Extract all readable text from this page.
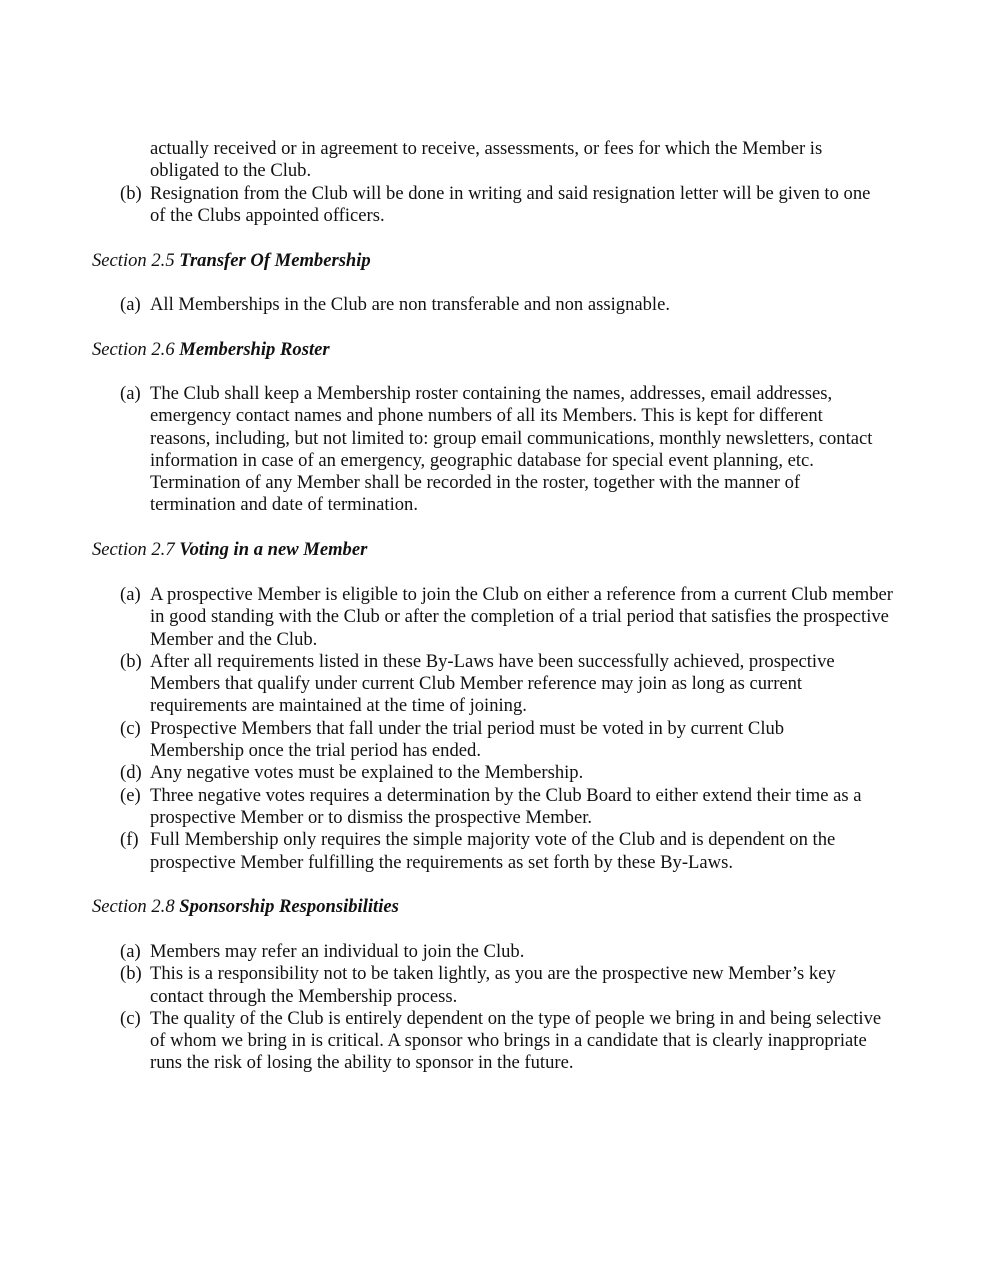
actually received or in agreement to receive, assessments, or fees for which the Member is obligated to the Club.
(b) Resignation from the Club will be done in writing and said resignation letter will be given to one of the Clubs appointed officers.
Section 2.5 Transfer Of Membership
(a) All Memberships in the Club are non transferable and non assignable.
Section 2.6 Membership Roster
(a) The Club shall keep a Membership roster containing the names, addresses, email addresses, emergency contact names and phone numbers of all its Members. This is kept for different reasons, including, but not limited to: group email communications, monthly newsletters, contact information in case of an emergency, geographic database for special event planning, etc. Termination of any Member shall be recorded in the roster, together with the manner of termination and date of termination.
Section 2.7 Voting in a new Member
(a) A prospective Member is eligible to join the Club on either a reference from a current Club member in good standing with the Club or after the completion of a trial period that satisfies the prospective Member and the Club.
(b) After all requirements listed in these By-Laws have been successfully achieved, prospective Members that qualify under current Club Member reference may join as long as current requirements are maintained at the time of joining.
(c) Prospective Members that fall under the trial period must be voted in by current Club Membership once the trial period has ended.
(d) Any negative votes must be explained to the Membership.
(e) Three negative votes requires a determination by the Club Board to either extend their time as a prospective Member or to dismiss the prospective Member.
(f) Full Membership only requires the simple majority vote of the Club and is dependent on the prospective Member fulfilling the requirements as set forth by these By-Laws.
Section 2.8 Sponsorship Responsibilities
(a) Members may refer an individual to join the Club.
(b) This is a responsibility not to be taken lightly, as you are the prospective new Member’s key contact through the Membership process.
(c) The quality of the Club is entirely dependent on the type of people we bring in and being selective of whom we bring in is critical. A sponsor who brings in a candidate that is clearly inappropriate runs the risk of losing the ability to sponsor in the future.
